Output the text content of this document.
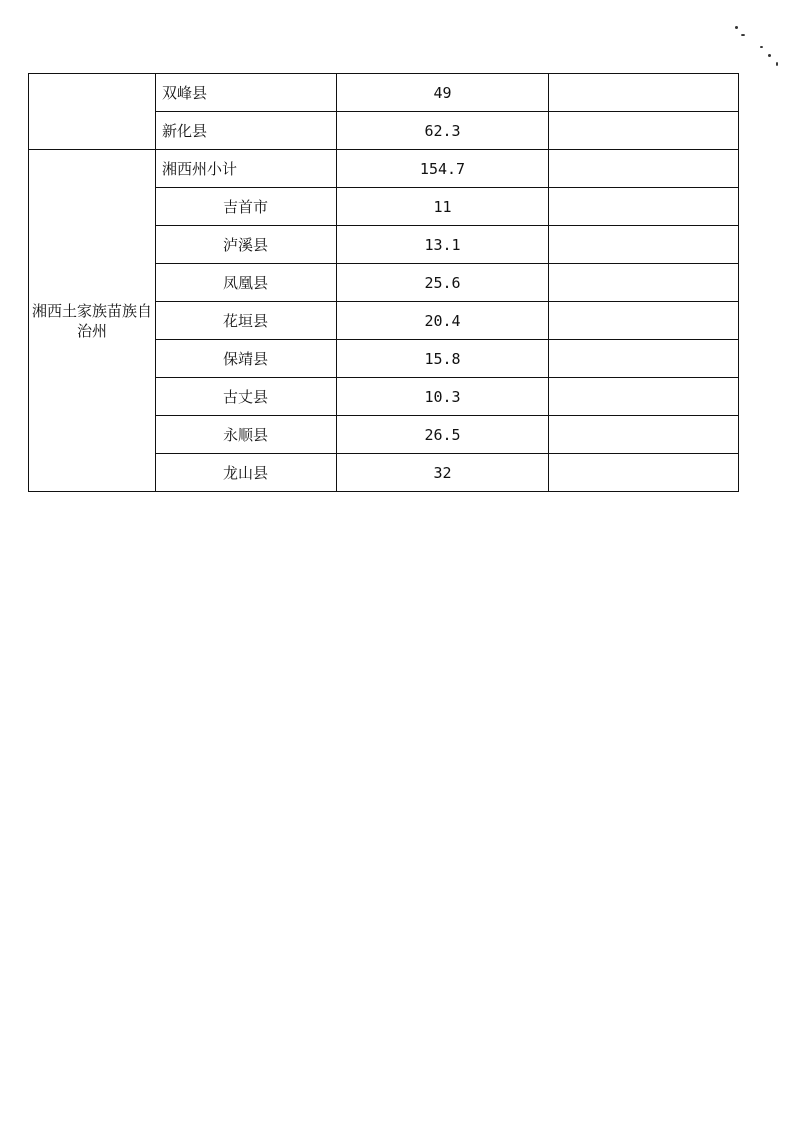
	双峰县	49	
	新化县	62.3	
湘西土家族苗族自治州	湘西州小计	154.7	
	吉首市	11	
	泸溪县	13.1	
	凤凰县	25.6	
	花垣县	20.4	
	保靖县	15.8	
	古丈县	10.3	
	永顺县	26.5	
	龙山县	32	
